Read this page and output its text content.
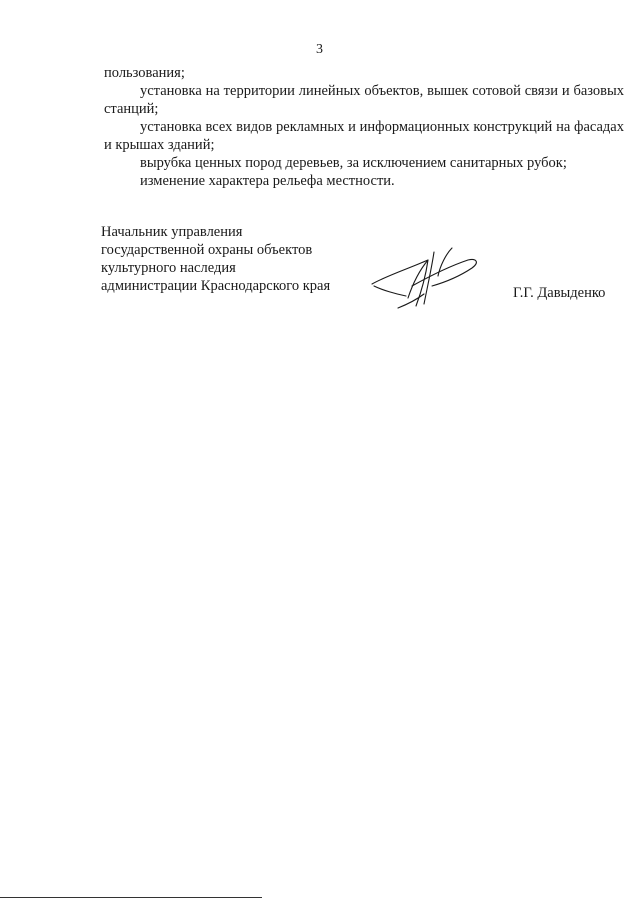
3

пользования;

установка на территории линейных объектов, вышек сотовой связи и базовых станций;

установка всех видов рекламных и информационных конструкций на фасадах и крышах зданий;

вырубка ценных пород деревьев, за исключением санитарных рубок;

изменение характера рельефа местности.

Начальник управления
государственной охраны объектов
культурного наследия
администрации Краснодарского края	Г.Г. Давыденко
